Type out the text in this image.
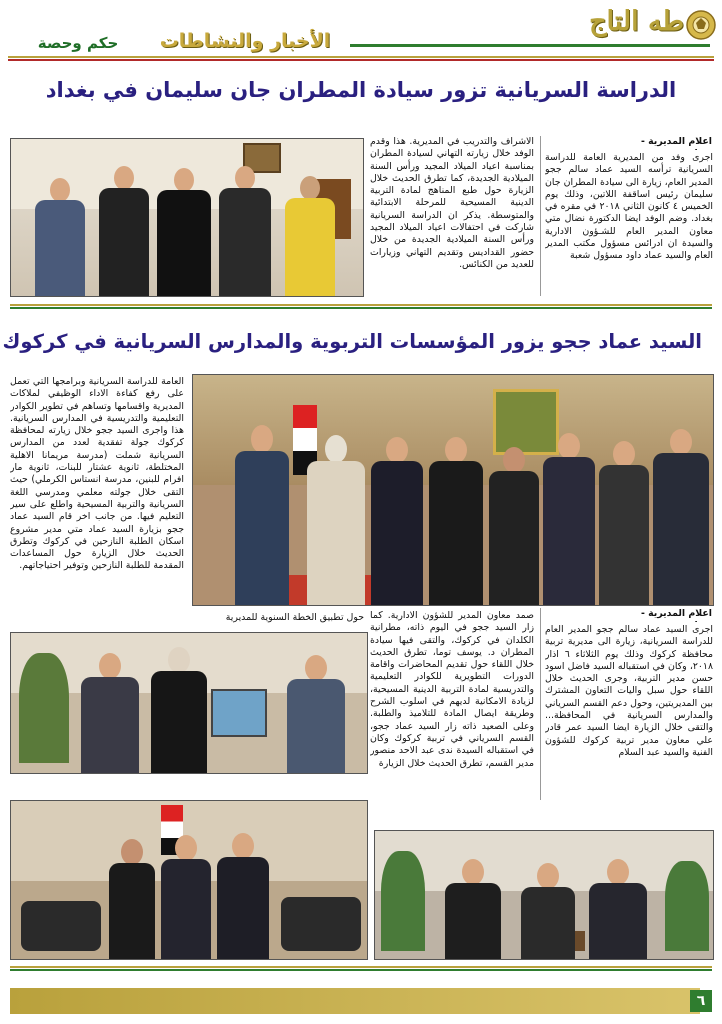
طه التاج
حكم وحصة	الأخبار والنشاطات
الدراسة السريانية تزور سيادة المطران جان سليمان في بغداد
اعلام المديرية -
اجرى وفد من المديرية العامة للدراسة السريانية ترأسه السيد عماد سالم ججو المدير العام، زيارة الى سيادة المطران جان سليمان رئيس اساقفة اللاتين، وذلك يوم الخميس ٤ كانون الثاني ٢٠١٨ في مقره في بغداد. وضم الوفد ايضا الدكتورة نضال متي معاون المدير العام للشـؤون الادارية والسيدة ان ادرائس مسؤول مكتب المدير العام والسيد عماد داود مسؤول شعبة
الاشراف والتدريب في المديرية. هذا وقدم الوفد خلال زيارته التهاني لسيادة المطران بمناسبة اعياد الميلاد المجيد ورأس السنة الميلادية الجديدة، كما تطرق الحديث خلال الزيارة حول طبع المناهج لمادة التربية الدينية المسيحية للمرحلة الابتدائية والمتوسطة. يذكر ان الدراسة السريانية شاركت في احتفالات اعياد الميلاد المجيد ورأس السنة الميلادية الجديدة من خلال حضور القداديس وتقديم التهاني وزيارات للعديد من الكنائس.
السيد عماد ججو يزور المؤسسات التربوية والمدارس السريانية في كركوك
العامة للدراسة السريانية وبرامجها التي تعمل على رفع كفاءة الاداء الوظيفي لملاكات المديرية واقسامها وتساهم في تطوير الكوادر التعليمية والتدريسية في المدارس السريانية. هذا واجرى السيد ججو خلال زيارته لمحافظة كركوك جولة تفقدية لعدد من المدارس السريانية شملت (مدرسة مريمانا الاهلية المختلطة، ثانوية عشتار للبنات، ثانوية مار افرام للبنين، مدرسة انستاس الكرملي) حيث التقى خلال جولته معلمي ومدرسي اللغة السريانية والتربية المسيحية واطلع على سير التعليم فيها. من جانب اخر قام السيد عماد ججو بزيارة السيد عماد متي مدير مشروع اسكان الطلبة النازحين في كركوك وتطرق الحديث خلال الزيارة حول المساعدات المقدمة للطلبة النازحين وتوفير احتياجاتهم.
اعلام المديرية -
اجرى السيد عماد سالم ججو المدير العام للدراسة السريانية، زيارة الى مديرية تربية محافظة كركوك وذلك يوم الثلاثاء ٦ اذار ٢٠١٨، وكان في استقباله السيد فاضل اسود حسن مدير التربية، وجرى الحديث خلال اللقاء حول سبل واليات التعاون المشترك بين المديريتين، وحول دعم القسم السرياني والمدارس السريانية في المحافظة... والتقى خلال الزيارة ايضا السيد عمر قادر علي معاون مدير تربية كركوك للشؤون الفنية والسيد عبد السلام
صمد معاون المدير للشؤون الادارية. كما زار السيد ججو في اليوم ذاته، مطرانية الكلدان في كركوك، والتقى فيها سيادة المطران د. يوسف توما، تطرق الحديث خلال اللقاء حول تقديم المحاضرات واقامة الدورات التطويرية للكوادر التعليمية والتدريسية لمادة التربية الدينية المسيحية، لزيادة الامكانية لديهم في اسلوب الشرح وطريقة ايصال المادة للتلاميذ والطلبة. وعلى الصعيد ذاته زار السيد عماد ججو، القسم السرياني في تربية كركوك وكان في استقباله السيدة ندى عبد الاحد منصور مدير القسم، تطرق الحديث خلال الزيارة
حول تطبيق الخطة السنوية للمديرية
٦
